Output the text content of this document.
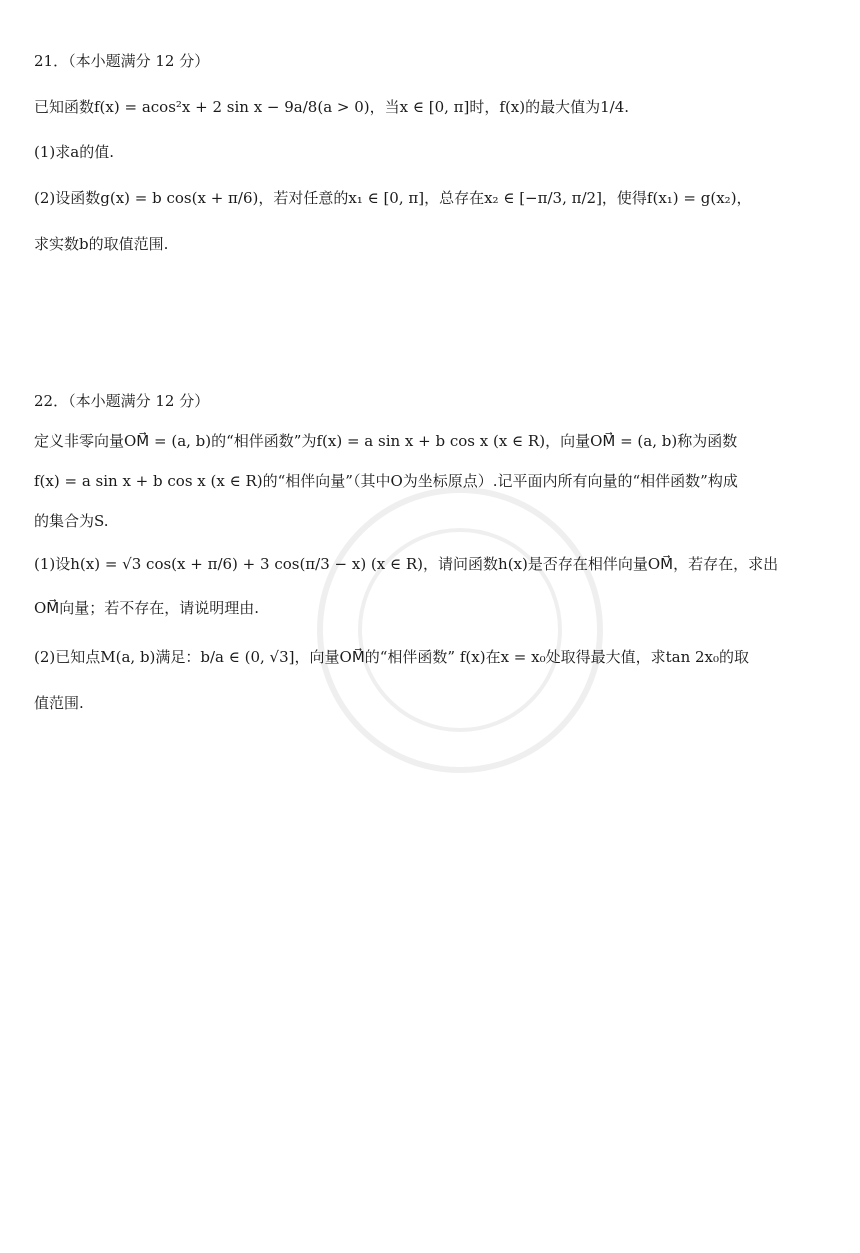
21．（本小题满分 12 分）
已知函数f(x) = acos²x + 2 sin x − 9a/8(a > 0)，当x ∈ [0, π]时，f(x)的最大值为1/4.
(1)求a的值.
(2)设函数g(x) = b cos(x + π/6)，若对任意的x₁ ∈ [0, π]，总存在x₂ ∈ [−π/3, π/2]，使得f(x₁) = g(x₂)，
求实数b的取值范围.
22．（本小题满分 12 分）
定义非零向量OM⃗ = (a, b)的“相伴函数”为f(x) = a sin x + b cos x (x ∈ R)，向量OM⃗ = (a, b)称为函数
f(x) = a sin x + b cos x (x ∈ R)的“相伴向量”（其中O为坐标原点）.记平面内所有向量的“相伴函数”构成
的集合为S.
(1)设h(x) = √3 cos(x + π/6) + 3 cos(π/3 − x) (x ∈ R)，请问函数h(x)是否存在相伴向量OM⃗，若存在，求出
OM⃗向量；若不存在，请说明理由.
(2)已知点M(a, b)满足：b/a ∈ (0, √3]，向量OM⃗的“相伴函数” f(x)在x = x₀处取得最大值，求tan 2x₀的取
值范围.
